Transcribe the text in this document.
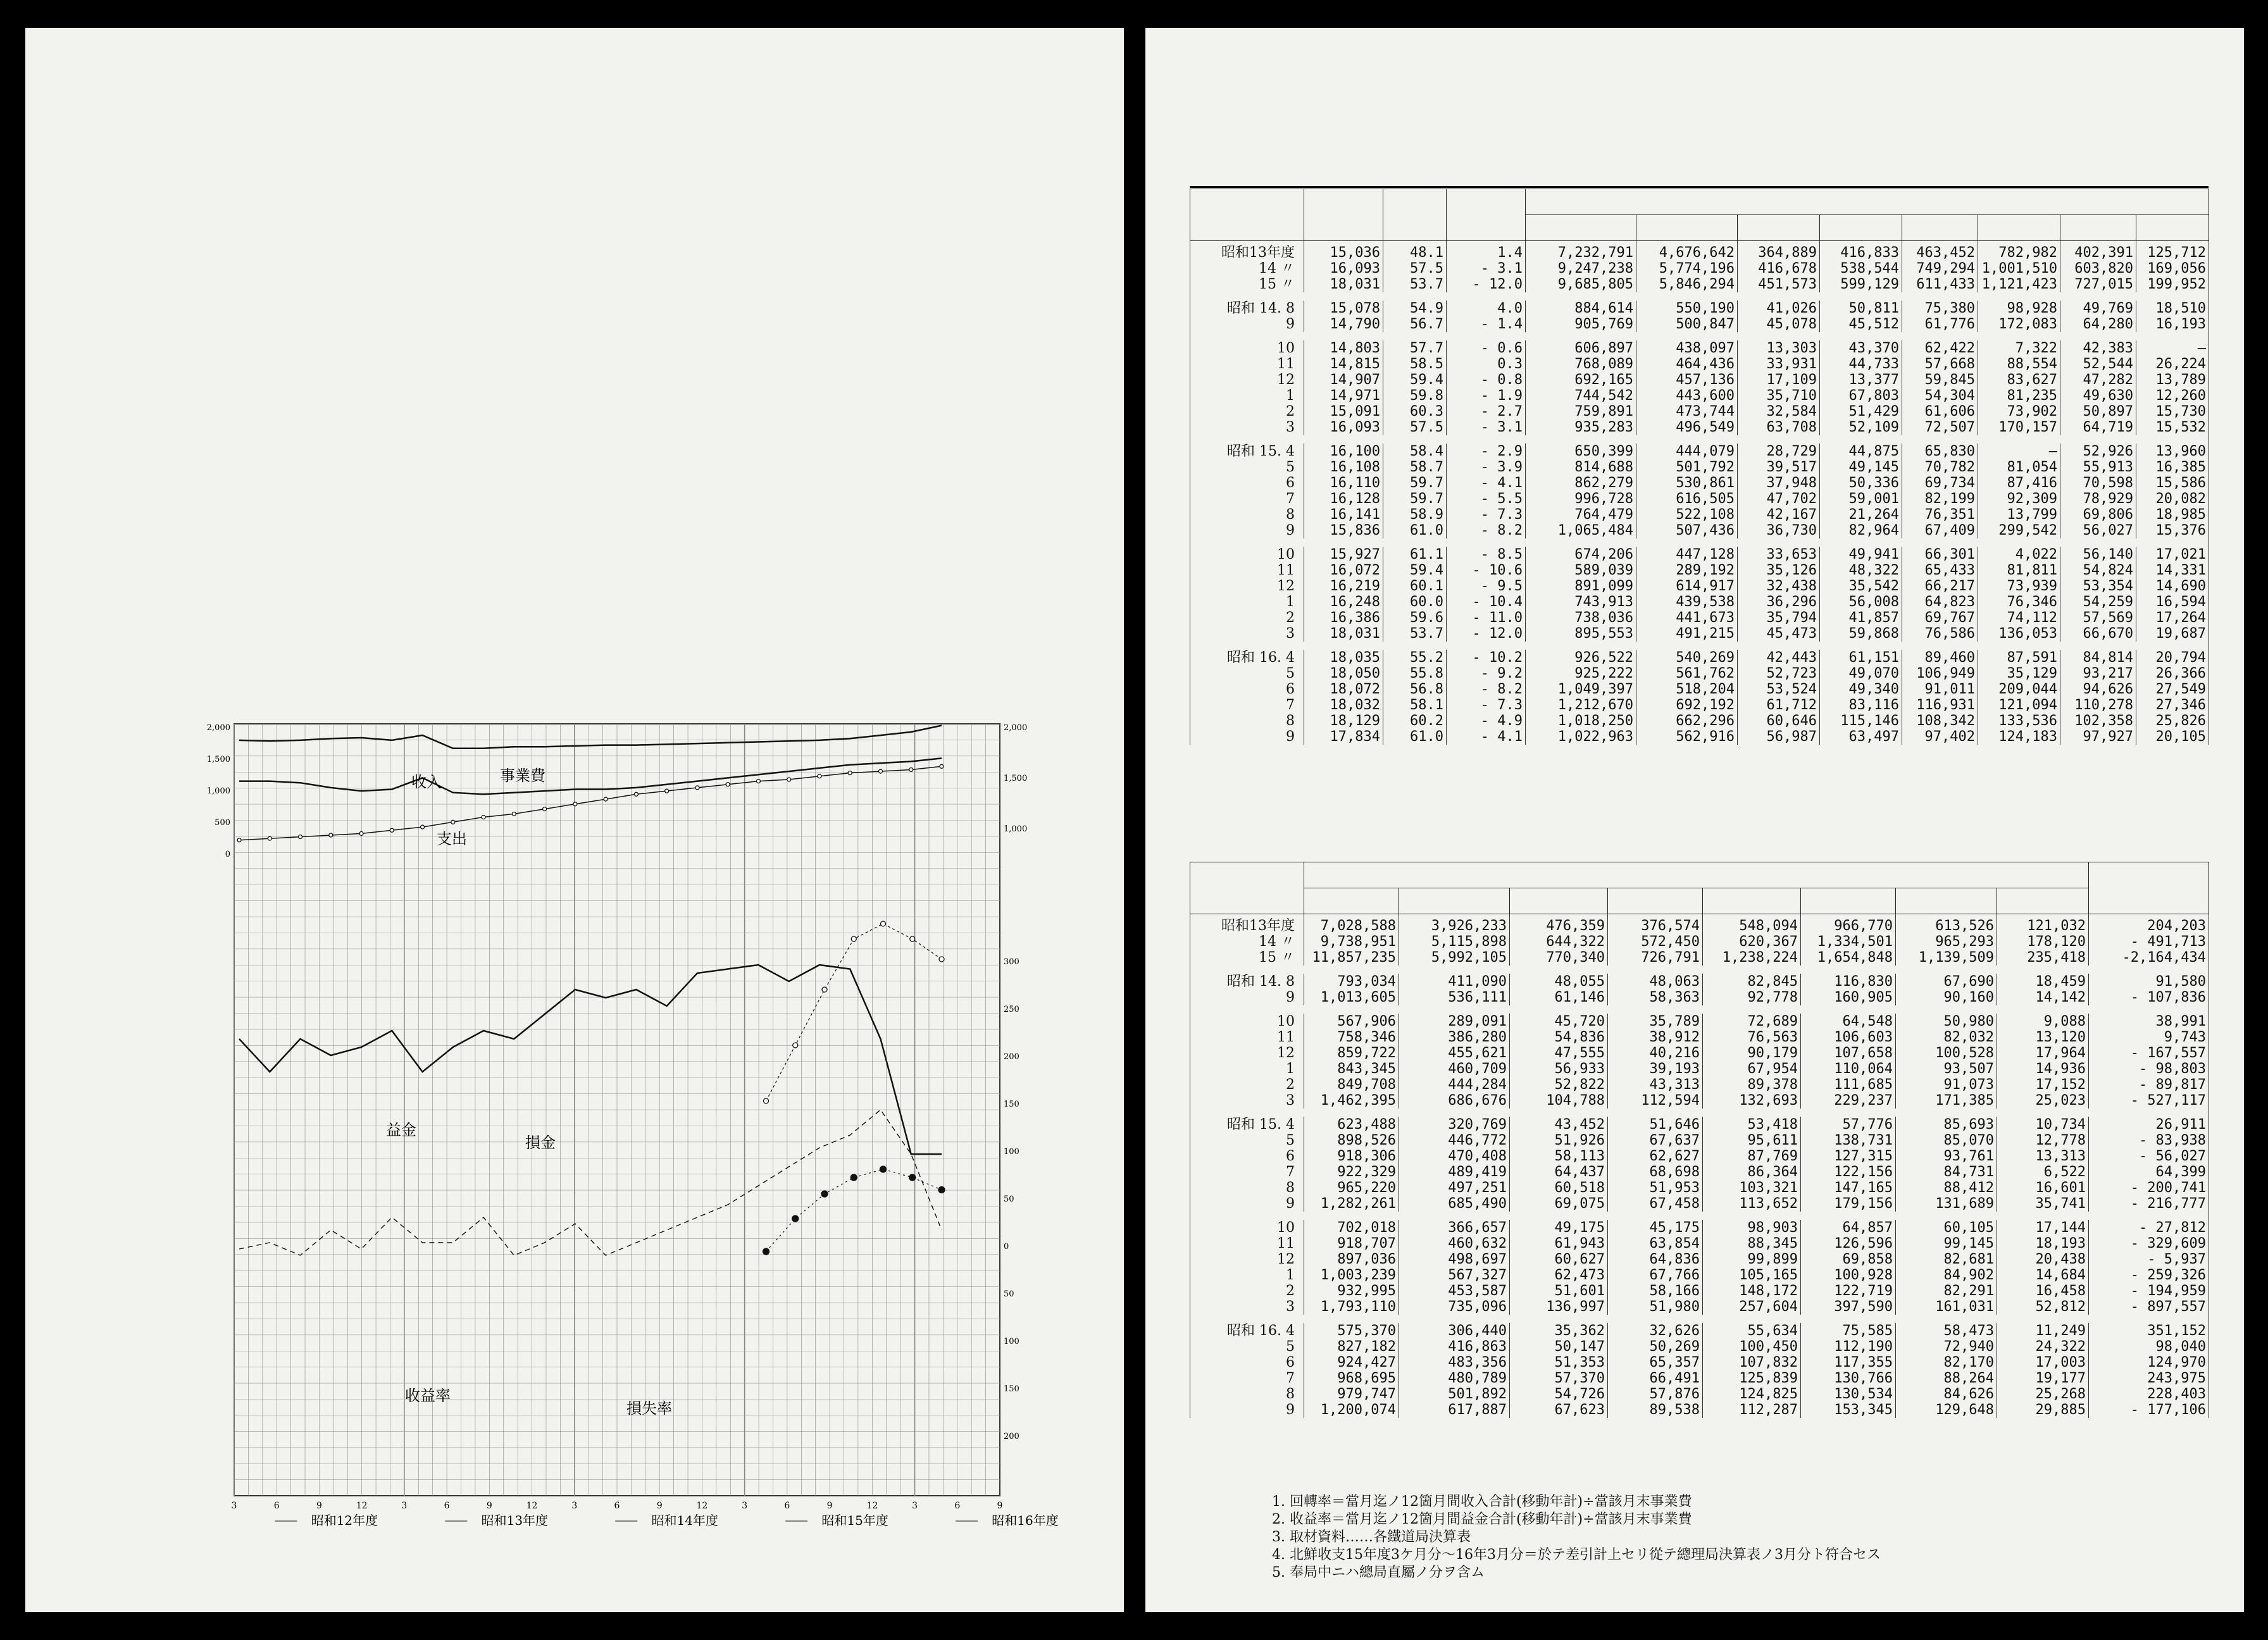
2,000
1,500
1,000
500
0
2,000
1,500
1,000
300
250
200
150
100
50
0
50
100
150
200
3	6	9	12	3	6	9	12	3	6	9	12	3	6	9	12	3	6	9
昭和12年度	昭和13年度	昭和14年度	昭和15年度	昭和16年度
收入	事業費
支出
益金
損金
收益率
損失率

昭和13年度	15,036	48.1	1.4	7,232,791	4,676,642	364,889	416,833	463,452	782,982	402,391	125,712
14 〃	16,093	57.5	- 3.1	9,247,238	5,774,196	416,678	538,544	749,294	1,001,510	603,820	169,056
15 〃	18,031	53.7	- 12.0	9,685,805	5,846,294	451,573	599,129	611,433	1,121,423	727,015	199,952

昭和 14. 8	15,078	54.9	4.0	884,614	550,190	41,026	50,811	75,380	98,928	49,769	18,510
9	14,790	56.7	- 1.4	905,769	500,847	45,078	45,512	61,776	172,083	64,280	16,193

10	14,803	57.7	- 0.6	606,897	438,097	13,303	43,370	62,422	7,322	42,383	—
11	14,815	58.5	0.3	768,089	464,436	33,931	44,733	57,668	88,554	52,544	26,224
12	14,907	59.4	- 0.8	692,165	457,136	17,109	13,377	59,845	83,627	47,282	13,789
1	14,971	59.8	- 1.9	744,542	443,600	35,710	67,803	54,304	81,235	49,630	12,260
2	15,091	60.3	- 2.7	759,891	473,744	32,584	51,429	61,606	73,902	50,897	15,730
3	16,093	57.5	- 3.1	935,283	496,549	63,708	52,109	72,507	170,157	64,719	15,532

昭和 15. 4	16,100	58.4	- 2.9	650,399	444,079	28,729	44,875	65,830	—	52,926	13,960
5	16,108	58.7	- 3.9	814,688	501,792	39,517	49,145	70,782	81,054	55,913	16,385
6	16,110	59.7	- 4.1	862,279	530,861	37,948	50,336	69,734	87,416	70,598	15,586
7	16,128	59.7	- 5.5	996,728	616,505	47,702	59,001	82,199	92,309	78,929	20,082
8	16,141	58.9	- 7.3	764,479	522,108	42,167	21,264	76,351	13,799	69,806	18,985
9	15,836	61.0	- 8.2	1,065,484	507,436	36,730	82,964	67,409	299,542	56,027	15,376

10	15,927	61.1	- 8.5	674,206	447,128	33,653	49,941	66,301	4,022	56,140	17,021
11	16,072	59.4	- 10.6	589,039	289,192	35,126	48,322	65,433	81,811	54,824	14,331
12	16,219	60.1	- 9.5	891,099	614,917	32,438	35,542	66,217	73,939	53,354	14,690
1	16,248	60.0	- 10.4	743,913	439,538	36,296	56,008	64,823	76,346	54,259	16,594
2	16,386	59.6	- 11.0	738,036	441,673	35,794	41,857	69,767	74,112	57,569	17,264
3	18,031	53.7	- 12.0	895,553	491,215	45,473	59,868	76,586	136,053	66,670	19,687

昭和 16. 4	18,035	55.2	- 10.2	926,522	540,269	42,443	61,151	89,460	87,591	84,814	20,794
5	18,050	55.8	- 9.2	925,222	561,762	52,723	49,070	106,949	35,129	93,217	26,366
6	18,072	56.8	- 8.2	1,049,397	518,204	53,524	49,340	91,011	209,044	94,626	27,549
7	18,032	58.1	- 7.3	1,212,670	692,192	61,712	83,116	116,931	121,094	110,278	27,346
8	18,129	60.2	- 4.9	1,018,250	662,296	60,646	115,146	108,342	133,536	102,358	25,826
9	17,834	61.0	- 4.1	1,022,963	562,916	56,987	63,497	97,402	124,183	97,927	20,105

昭和13年度	7,028,588	3,926,233	476,359	376,574	548,094	966,770	613,526	121,032	204,203
14 〃	9,738,951	5,115,898	644,322	572,450	620,367	1,334,501	965,293	178,120	- 491,713
15 〃	11,857,235	5,992,105	770,340	726,791	1,238,224	1,654,848	1,139,509	235,418	-2,164,434

昭和 14. 8	793,034	411,090	48,055	48,063	82,845	116,830	67,690	18,459	91,580
9	1,013,605	536,111	61,146	58,363	92,778	160,905	90,160	14,142	- 107,836

10	567,906	289,091	45,720	35,789	72,689	64,548	50,980	9,088	38,991
11	758,346	386,280	54,836	38,912	76,563	106,603	82,032	13,120	9,743
12	859,722	455,621	47,555	40,216	90,179	107,658	100,528	17,964	- 167,557
1	843,345	460,709	56,933	39,193	67,954	110,064	93,507	14,936	- 98,803
2	849,708	444,284	52,822	43,313	89,378	111,685	91,073	17,152	- 89,817
3	1,462,395	686,676	104,788	112,594	132,693	229,237	171,385	25,023	- 527,117

昭和 15. 4	623,488	320,769	43,452	51,646	53,418	57,776	85,693	10,734	26,911
5	898,526	446,772	51,926	67,637	95,611	138,731	85,070	12,778	- 83,938
6	918,306	470,408	58,113	62,627	87,769	127,315	93,761	13,313	- 56,027
7	922,329	489,419	64,437	68,698	86,364	122,156	84,731	6,522	64,399
8	965,220	497,251	60,518	51,953	103,321	147,165	88,412	16,601	- 200,741
9	1,282,261	685,490	69,075	67,458	113,652	179,156	131,689	35,741	- 216,777

10	702,018	366,657	49,175	45,175	98,903	64,857	60,105	17,144	- 27,812
11	918,707	460,632	61,943	63,854	88,345	126,596	99,145	18,193	- 329,609
12	897,036	498,697	60,627	64,836	99,899	69,858	82,681	20,438	- 5,937
1	1,003,239	567,327	62,473	67,766	105,165	100,928	84,902	14,684	- 259,326
2	932,995	453,587	51,601	58,166	148,172	122,719	82,291	16,458	- 194,959
3	1,793,110	735,096	136,997	51,980	257,604	397,590	161,031	52,812	- 897,557

昭和 16. 4	575,370	306,440	35,362	32,626	55,634	75,585	58,473	11,249	351,152
5	827,182	416,863	50,147	50,269	100,450	112,190	72,940	24,322	98,040
6	924,427	483,356	51,353	65,357	107,832	117,355	82,170	17,003	124,970
7	968,695	480,789	57,370	66,491	125,839	130,766	88,264	19,177	243,975
8	979,747	501,892	54,726	57,876	124,825	130,534	84,626	25,268	228,403
9	1,200,074	617,887	67,623	89,538	112,287	153,345	129,648	29,885	- 177,106
1. 回轉率＝當月迄ノ12箇月間收入合計(移動年計)÷當該月末事業費
2. 收益率＝當月迄ノ12箇月間益金合計(移動年計)÷當該月末事業費
3. 取材資料……各鐵道局決算表
4. 北鮮收支15年度3ケ月分～16年3月分＝於テ差引計上セリ從テ總理局決算表ノ3月分ト符合セス
5. 奉局中ニハ總局直屬ノ分ヲ含ム
